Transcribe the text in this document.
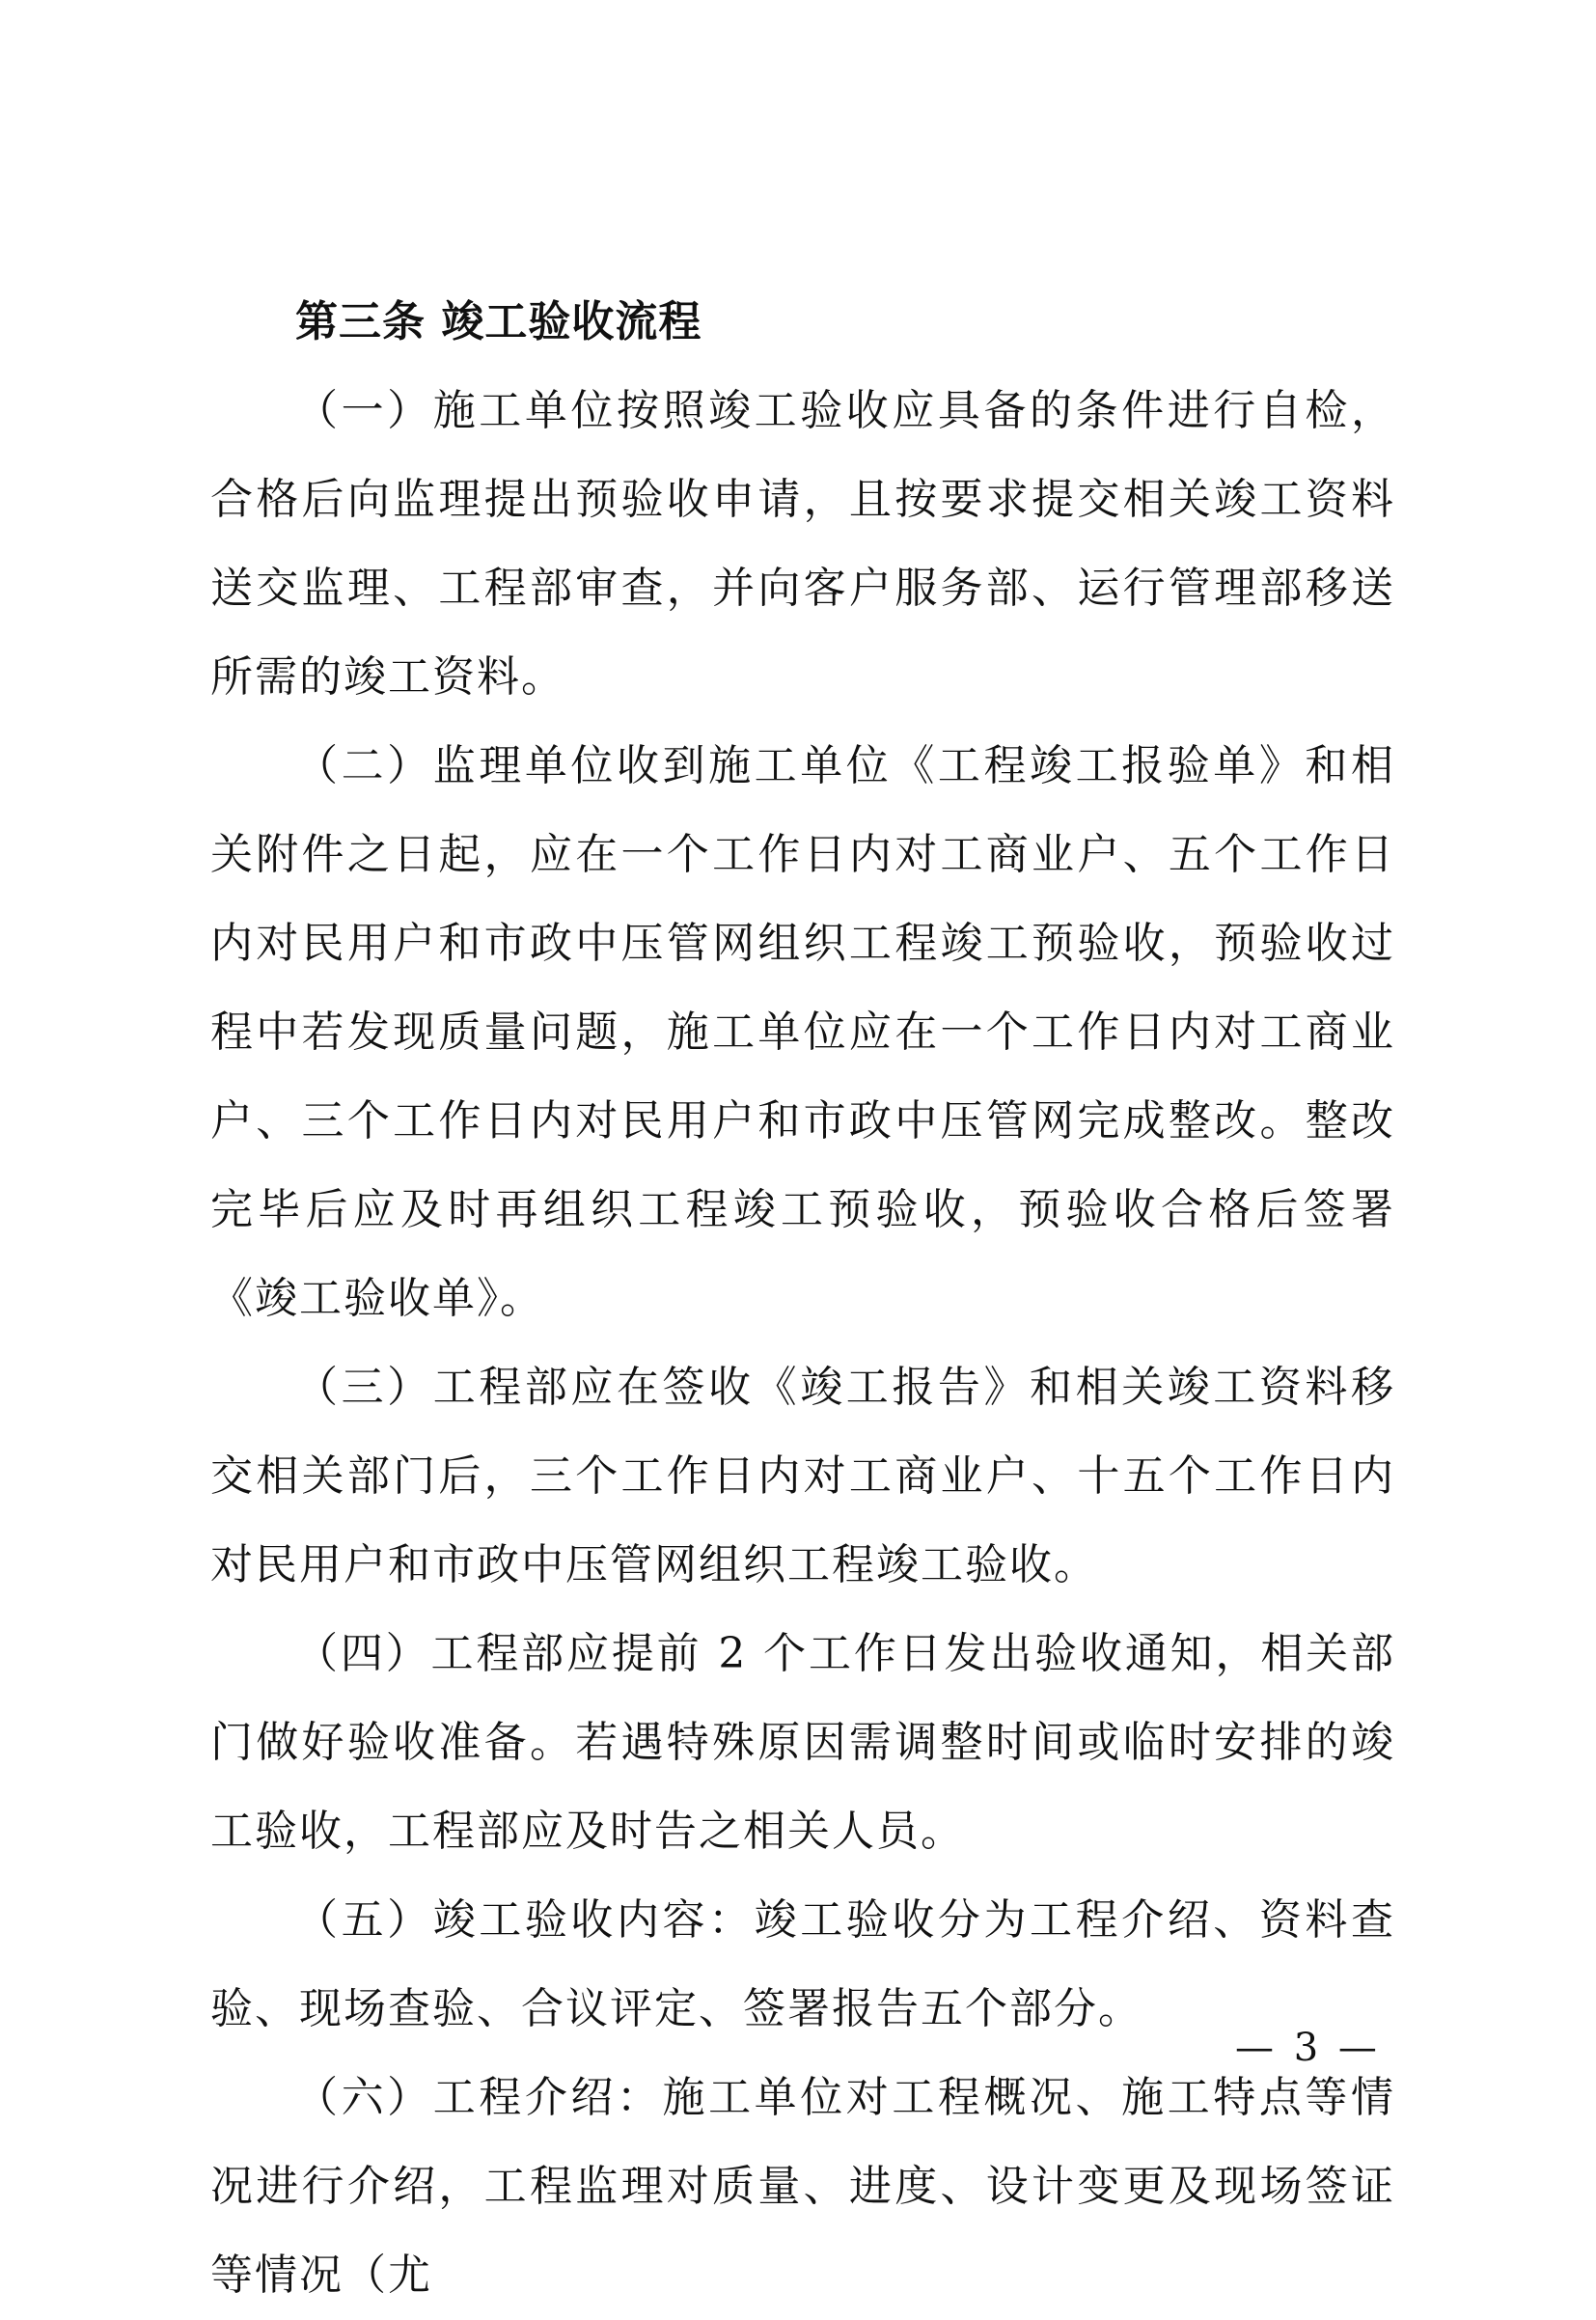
第三条 竣工验收流程

（一）施工单位按照竣工验收应具备的条件进行自检，合格后向监理提出预验收申请，且按要求提交相关竣工资料送交监理、工程部审查，并向客户服务部、运行管理部移送所需的竣工资料。

（二）监理单位收到施工单位《工程竣工报验单》和相关附件之日起，应在一个工作日内对工商业户、五个工作日内对民用户和市政中压管网组织工程竣工预验收，预验收过程中若发现质量问题，施工单位应在一个工作日内对工商业户、三个工作日内对民用户和市政中压管网完成整改。整改完毕后应及时再组织工程竣工预验收，预验收合格后签署《竣工验收单》。

（三）工程部应在签收《竣工报告》和相关竣工资料移交相关部门后，三个工作日内对工商业户、十五个工作日内对民用户和市政中压管网组织工程竣工验收。

（四）工程部应提前 2 个工作日发出验收通知，相关部门做好验收准备。若遇特殊原因需调整时间或临时安排的竣工验收，工程部应及时告之相关人员。

（五）竣工验收内容：竣工验收分为工程介绍、资料查验、现场查验、合议评定、签署报告五个部分。

（六）工程介绍：施工单位对工程概况、施工特点等情况进行介绍，工程监理对质量、进度、设计变更及现场签证等情况（尤

— 3 —
